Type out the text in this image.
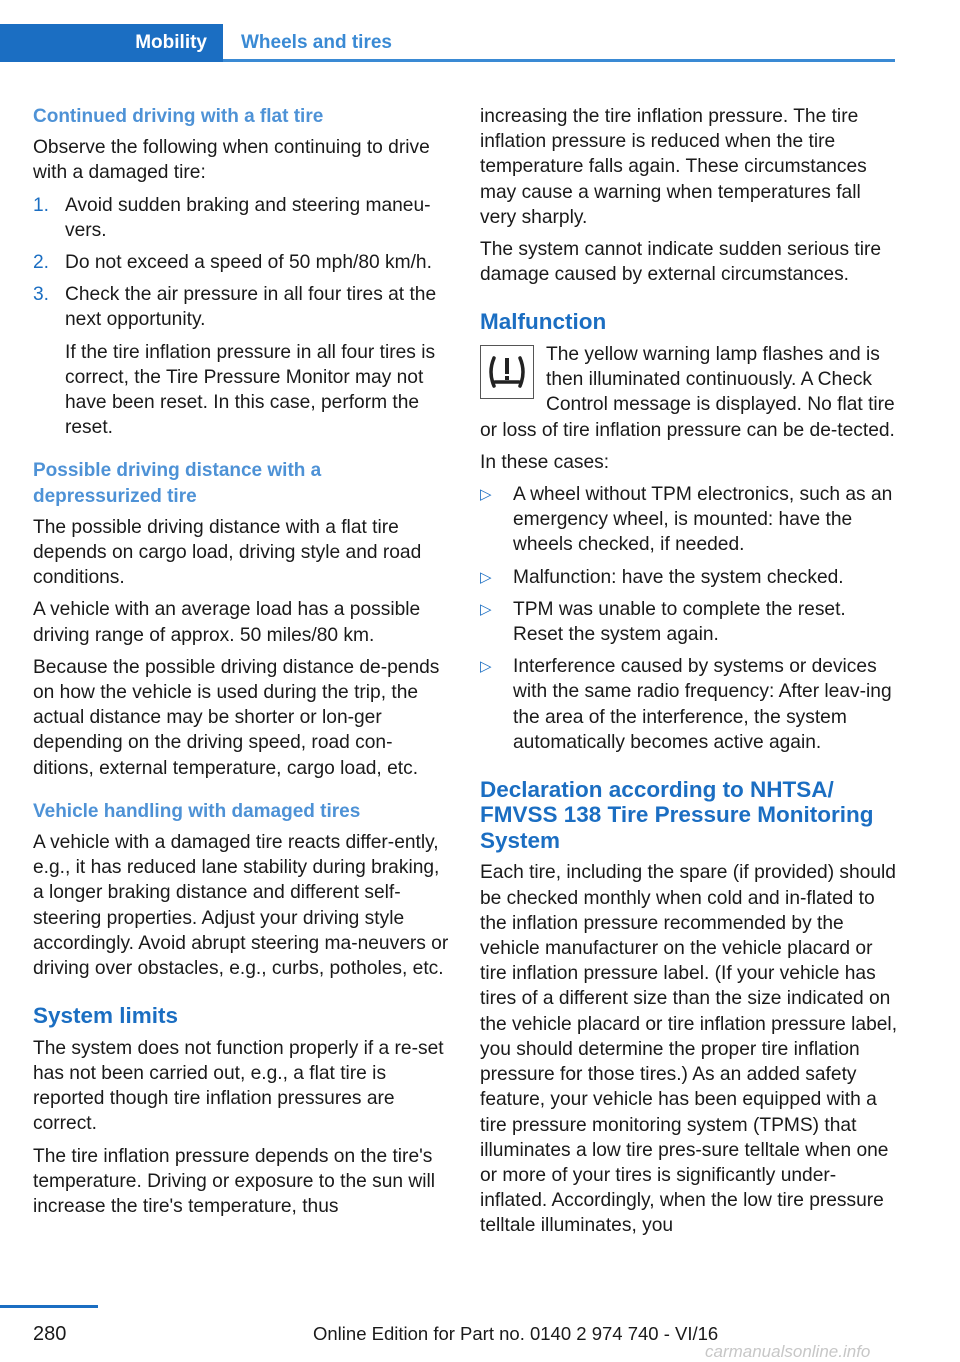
Mobility	Wheels and tires
Continued driving with a flat tire

Observe the following when continuing to drive with a damaged tire:

1. Avoid sudden braking and steering maneu‐vers.
2. Do not exceed a speed of 50 mph/80 km/h.
3. Check the air pressure in all four tires at the next opportunity.
If the tire inflation pressure in all four tires is correct, the Tire Pressure Monitor may not have been reset. In this case, perform the reset.
Possible driving distance with a depressurized tire

The possible driving distance with a flat tire depends on cargo load, driving style and road conditions.

A vehicle with an average load has a possible driving range of approx. 50 miles/80 km.

Because the possible driving distance de‐pends on how the vehicle is used during the trip, the actual distance may be shorter or lon‐ger depending on the driving speed, road con‐ditions, external temperature, cargo load, etc.

Vehicle handling with damaged tires

A vehicle with a damaged tire reacts differ‐ently, e.g., it has reduced lane stability during braking, a longer braking distance and different self-steering properties. Adjust your driving style accordingly. Avoid abrupt steering ma‐neuvers or driving over obstacles, e.g., curbs, potholes, etc.

System limits

The system does not function properly if a re‐set has not been carried out, e.g., a flat tire is reported though tire inflation pressures are correct.

The tire inflation pressure depends on the tire's temperature. Driving or exposure to the sun will increase the tire's temperature, thus

increasing the tire inflation pressure. The tire inflation pressure is reduced when the tire temperature falls again. These circumstances may cause a warning when temperatures fall very sharply.

The system cannot indicate sudden serious tire damage caused by external circumstances.

Malfunction

The yellow warning lamp flashes and is then illuminated continuously. A Check Control message is displayed. No flat tire or loss of tire inflation pressure can be de‐tected.

In these cases:

▷ A wheel without TPM electronics, such as an emergency wheel, is mounted: have the wheels checked, if needed.
▷ Malfunction: have the system checked.
▷ TPM was unable to complete the reset. Reset the system again.
▷ Interference caused by systems or devices with the same radio frequency: After leav‐ing the area of the interference, the system automatically becomes active again.
Declaration according to NHTSA/ FMVSS 138 Tire Pressure Monitoring System

Each tire, including the spare (if provided) should be checked monthly when cold and in‐flated to the inflation pressure recommended by the vehicle manufacturer on the vehicle placard or tire inflation pressure label. (If your vehicle has tires of a different size than the size indicated on the vehicle placard or tire inflation pressure label, you should determine the proper tire inflation pressure for those tires.) As an added safety feature, your vehicle has been equipped with a tire pressure monitoring system (TPMS) that illuminates a low tire pres‐sure telltale when one or more of your tires is significantly under-inflated. Accordingly, when the low tire pressure telltale illuminates, you

280	Online Edition for Part no. 0140 2 974 740 - VI/16
carmanualsonline.info
